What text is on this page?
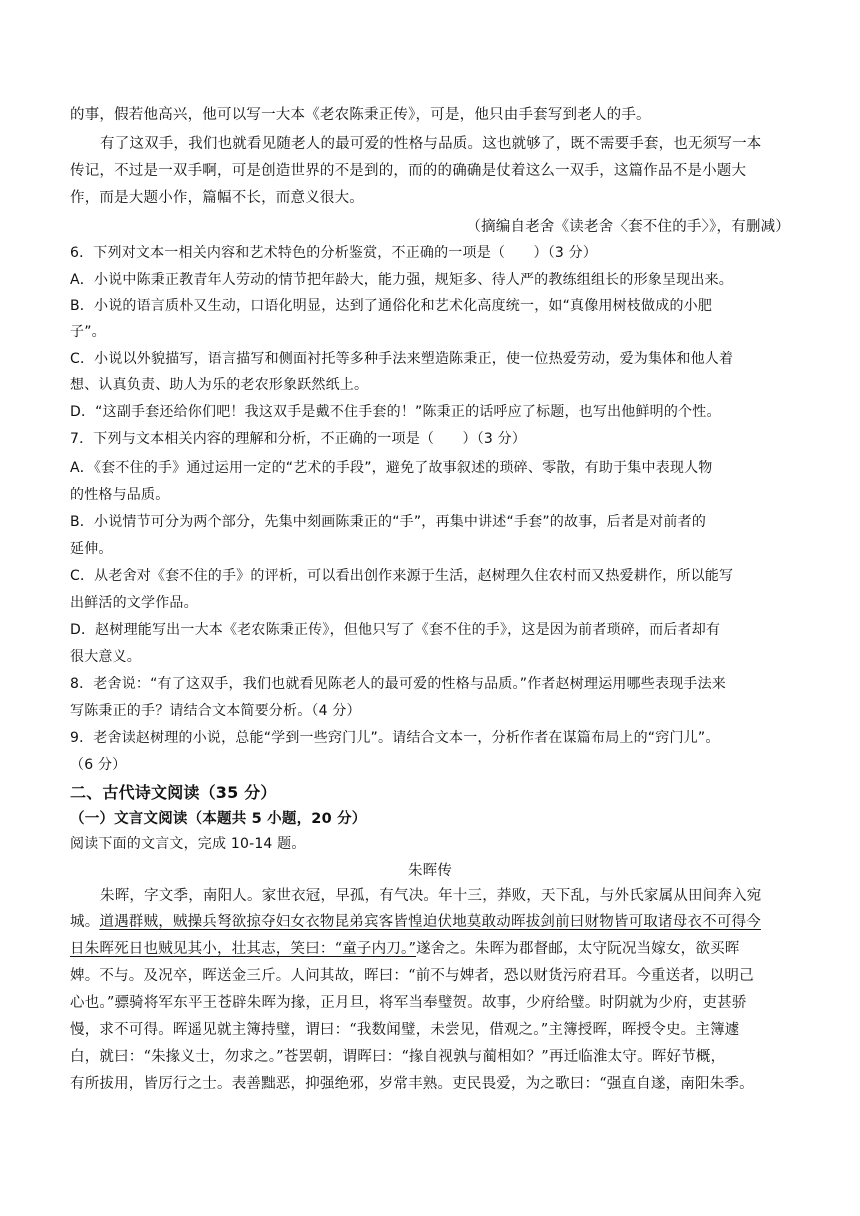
的事，假若他高兴，他可以写一大本《老农陈秉正传》，可是，他只由手套写到老人的手。
有了这双手，我们也就看见随老人的最可爱的性格与品质。这也就够了，既不需要手套，也无须写一本
传记，不过是一双手啊，可是创造世界的不是到的，而的的确确是仗着这么一双手，这篇作品不是小题大
作，而是大题小作，篇幅不长，而意义很大。
（摘编自老舍《读老舍〈套不住的手〉》，有删减）
6．下列对文本一相关内容和艺术特色的分析鉴赏，不正确的一项是（　　）（3 分）
A．小说中陈秉正教青年人劳动的情节把年龄大，能力强，规矩多、待人严的教练组组长的形象呈现出来。
B．小说的语言质朴又生动，口语化明显，达到了通俗化和艺术化高度统一，如“真像用树枝做成的小肥
子”。
C．小说以外貌描写，语言描写和侧面衬托等多种手法来塑造陈秉正，使一位热爱劳动，爱为集体和他人着
想、认真负责、助人为乐的老农形象跃然纸上。
D．“这副手套还给你们吧！我这双手是戴不住手套的！”陈秉正的话呼应了标题，也写出他鲜明的个性。
7．下列与文本相关内容的理解和分析，不正确的一项是（　　）（3 分）
A．《套不住的手》通过运用一定的“艺术的手段”，避免了故事叙述的琐碎、零散，有助于集中表现人物
的性格与品质。
B．小说情节可分为两个部分，先集中刻画陈秉正的“手”，再集中讲述“手套”的故事，后者是对前者的
延伸。
C．从老舍对《套不住的手》的评析，可以看出创作来源于生活，赵树理久住农村而又热爱耕作，所以能写
出鲜活的文学作品。
D．赵树理能写出一大本《老农陈秉正传》，但他只写了《套不住的手》，这是因为前者琐碎，而后者却有
很大意义。
8．老舍说：“有了这双手，我们也就看见陈老人的最可爱的性格与品质。”作者赵树理运用哪些表现手法来
写陈秉正的手？请结合文本简要分析。（4 分）
9．老舍读赵树理的小说，总能“学到一些窍门儿”。请结合文本一，分析作者在谋篇布局上的“窍门儿”。
（6 分）
二、古代诗文阅读（35 分）
（一）文言文阅读（本题共 5 小题，20 分）
阅读下面的文言文，完成 10-14 题。
朱晖传
朱晖，字文季，南阳人。家世衣冠，早孤，有气决。年十三，莽败，天下乱，与外氏家属从田间奔入宛
城。道遇群贼，贼操兵弩欲掠夺妇女衣物昆弟宾客皆惶迫伏地莫敢动晖拔剑前曰财物皆可取诸母衣不可得今
日朱晖死日也贼见其小，壮其志，笑曰：“童子内刀。”遂舍之。朱晖为郡督邮，太守阮况当嫁女，欲买晖
婢。不与。及况卒，晖送金三斤。人问其故，晖曰：“前不与婢者，恐以财货污府君耳。今重送者，以明己
心也。”骠骑将军东平王苍辟朱晖为掾，正月旦，将军当奉璧贺。故事，少府给璧。时阴就为少府，吏甚骄
慢，求不可得。晖遥见就主簿持璧，谓曰：“我数闻璧，未尝见，借观之。”主簿授晖，晖授令史。主簿遽
白，就曰：“朱掾义士，勿求之。”苍罢朝，谓晖曰：“掾自视孰与蔺相如？”再迁临淮太守。晖好节概，
有所拔用，皆厉行之士。表善黜恶，抑强绝邪，岁常丰熟。吏民畏爱，为之歌曰：“强直自遂，南阳朱季。
